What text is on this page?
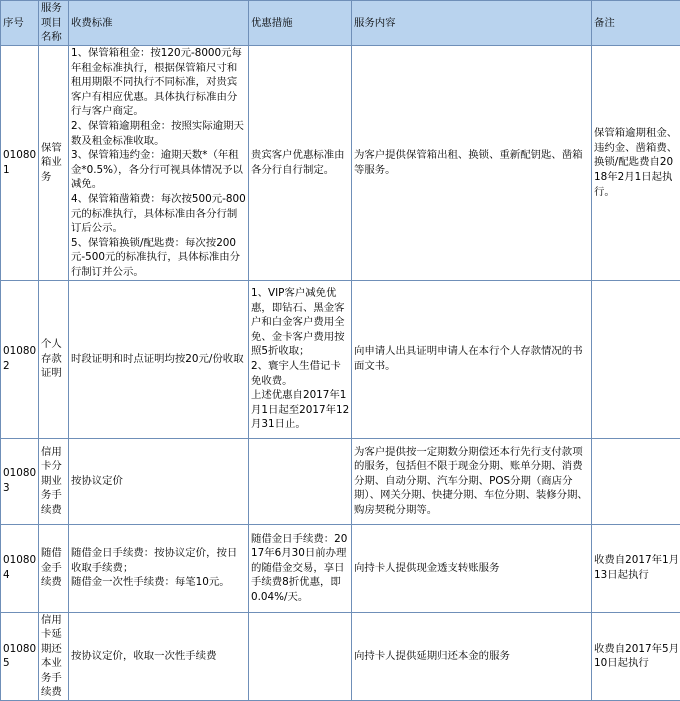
序号	服务项目名称	收费标准	优惠措施	服务内容	备注
010801	保管箱业务	1、保管箱租金：按120元-8000元每年租金标准执行，根据保管箱尺寸和租用期限不同执行不同标准，对贵宾客户有相应优惠。具体执行标准由分行与客户商定。
2、保管箱逾期租金：按照实际逾期天数及租金标准收取。
3、保管箱违约金：逾期天数*（年租金*0.5%），各分行可视具体情况予以减免。
4、保管箱凿箱费：每次按500元-800元的标准执行，具体标准由各分行制订后公示。
5、保管箱换锁/配匙费：每次按200元-500元的标准执行，具体标准由分行制订并公示。	贵宾客户优惠标准由各分行自行制定。	为客户提供保管箱出租、换锁、重新配钥匙、凿箱等服务。	保管箱逾期租金、违约金、凿箱费、换锁/配匙费自2018年2月1日起执行。
010802	个人存款证明	时段证明和时点证明均按20元/份收取	1、VIP客户减免优惠，即钻石、黑金客户和白金客户费用全免、金卡客户费用按照5折收取；
2、寰宇人生借记卡免收费。
上述优惠自2017年1月1日起至2017年12月31日止。	向申请人出具证明申请人在本行个人存款情况的书面文书。	
010803	信用卡分期业务手续费	按协议定价		为客户提供按一定期数分期偿还本行先行支付款项的服务，包括但不限于现金分期、账单分期、消费分期、自动分期、汽车分期、POS分期（商店分期）、网关分期、快捷分期、车位分期、装修分期、购房契税分期等。	
010804	随借金手续费	随借金日手续费：按协议定价，按日收取手续费；
随借金一次性手续费：每笔10元。	随借金日手续费：2017年6月30日前办理的随借金交易，享日手续费8折优惠，即0.04%/天。	向持卡人提供现金透支转账服务	收费自2017年1月13日起执行
010805	信用卡延期还本业务手续费	按协议定价，收取一次性手续费		向持卡人提供延期归还本金的服务	收费自2017年5月10日起执行
